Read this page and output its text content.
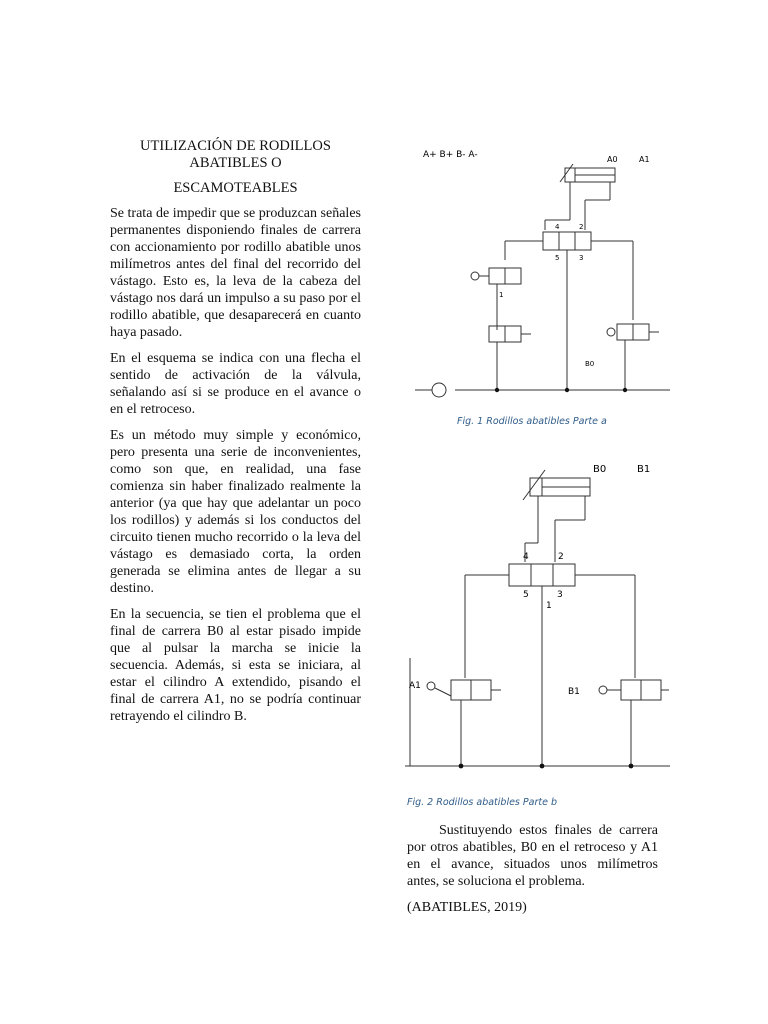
UTILIZACIÓN DE RODILLOS ABATIBLES O

ESCAMOTEABLES

Se trata de impedir que se produzcan señales permanentes disponiendo finales de carrera con accionamiento por rodillo abatible unos milímetros antes del final del recorrido del vástago. Esto es, la leva de la cabeza del vástago nos dará un impulso a su paso por el rodillo abatible, que desaparecerá en cuanto haya pasado.

En el esquema se indica con una flecha el sentido de activación de la válvula, señalando así si se produce en el avance o en el retroceso.

Es un método muy simple y económico, pero presenta una serie de inconvenientes, como son que, en realidad, una fase comienza sin haber finalizado realmente la anterior (ya que hay que adelantar un poco los rodillos) y además si los conductos del circuito tienen mucho recorrido o la leva del vástago es demasiado corta, la orden generada se elimina antes de llegar a su destino.

En la secuencia, se tien el problema que el final de carrera B0 al estar pisado impide que al pulsar la marcha se inicie la secuencia. Además, si esta se iniciara, al estar el cilindro A extendido, pisando el final de carrera A1, no se podría continuar retrayendo el cilindro B.

A+ B+ B- A-	A0	A1
B0
4	2
5	3
1
Fig. 1 Rodillos abatibles Parte a
B0	B1
A1
B1
4	2
5	3
1
Fig. 2 Rodillos abatibles Parte b

Sustituyendo estos finales de carrera por otros abatibles, B0 en el retroceso y A1 en el avance, situados unos milímetros antes, se soluciona el problema.

(ABATIBLES, 2019)
